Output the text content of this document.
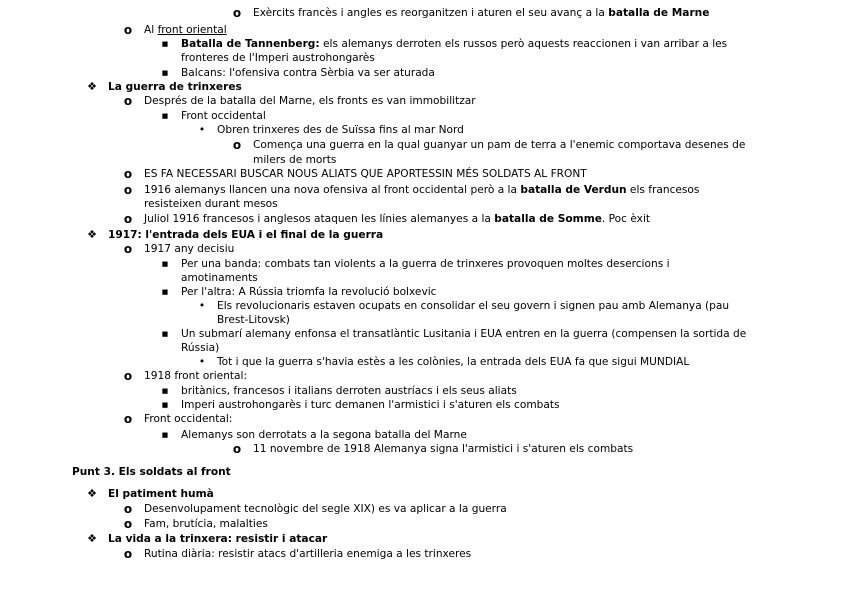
o Exèrcits francès i angles es reorganitzen i aturen el seu avanç a la batalla de Marne
o Al front oriental
▪ Batalla de Tannenberg: els alemanys derroten els russos però aquests reaccionen i van arribar a les
fronteres de l'Imperi austrohongarès
▪ Balcans: l'ofensiva contra Sèrbia va ser aturada
❖ La guerra de trinxeres
o Després de la batalla del Marne, els fronts es van immobilitzar
▪ Front occidental
• Obren trinxeres des de Suïssa fins al mar Nord
o Comença una guerra en la qual guanyar un pam de terra a l'enemic comportava desenes de
milers de morts
o ES FA NECESSARI BUSCAR NOUS ALIATS QUE APORTESSIN MÉS SOLDATS AL FRONT
o 1916 alemanys llancen una nova ofensiva al front occidental però a la batalla de Verdun els francesos
resisteixen durant mesos
o Juliol 1916 francesos i anglesos ataquen les línies alemanyes a la batalla de Somme. Poc èxit
❖ 1917: l'entrada dels EUA i el final de la guerra
o 1917 any decisiu
▪ Per una banda: combats tan violents a la guerra de trinxeres provoquen moltes desercions i
amotinaments
▪ Per l'altra: A Rússia triomfa la revolució bolxevic
• Els revolucionaris estaven ocupats en consolidar el seu govern i signen pau amb Alemanya (pau
Brest-Litovsk)
▪ Un submarí alemany enfonsa el transatlàntic Lusitania i EUA entren en la guerra (compensen la sortida de
Rússia)
• Tot i que la guerra s'havia estès a les colònies, la entrada dels EUA fa que sigui MUNDIAL
o 1918 front oriental:
▪ britànics, francesos i italians derroten austríacs i els seus aliats
▪ Imperi austrohongarès i turc demanen l'armistici i s'aturen els combats
o Front occidental:
▪ Alemanys son derrotats a la segona batalla del Marne
o 11 novembre de 1918 Alemanya signa l'armistici i s'aturen els combats
Punt 3. Els soldats al front
❖ El patiment humà
o Desenvolupament tecnològic del segle XIX) es va aplicar a la guerra
o Fam, brutícia, malalties
❖ La vida a la trinxera: resistir i atacar
o Rutina diària: resistir atacs d'artilleria enemiga a les trinxeres
